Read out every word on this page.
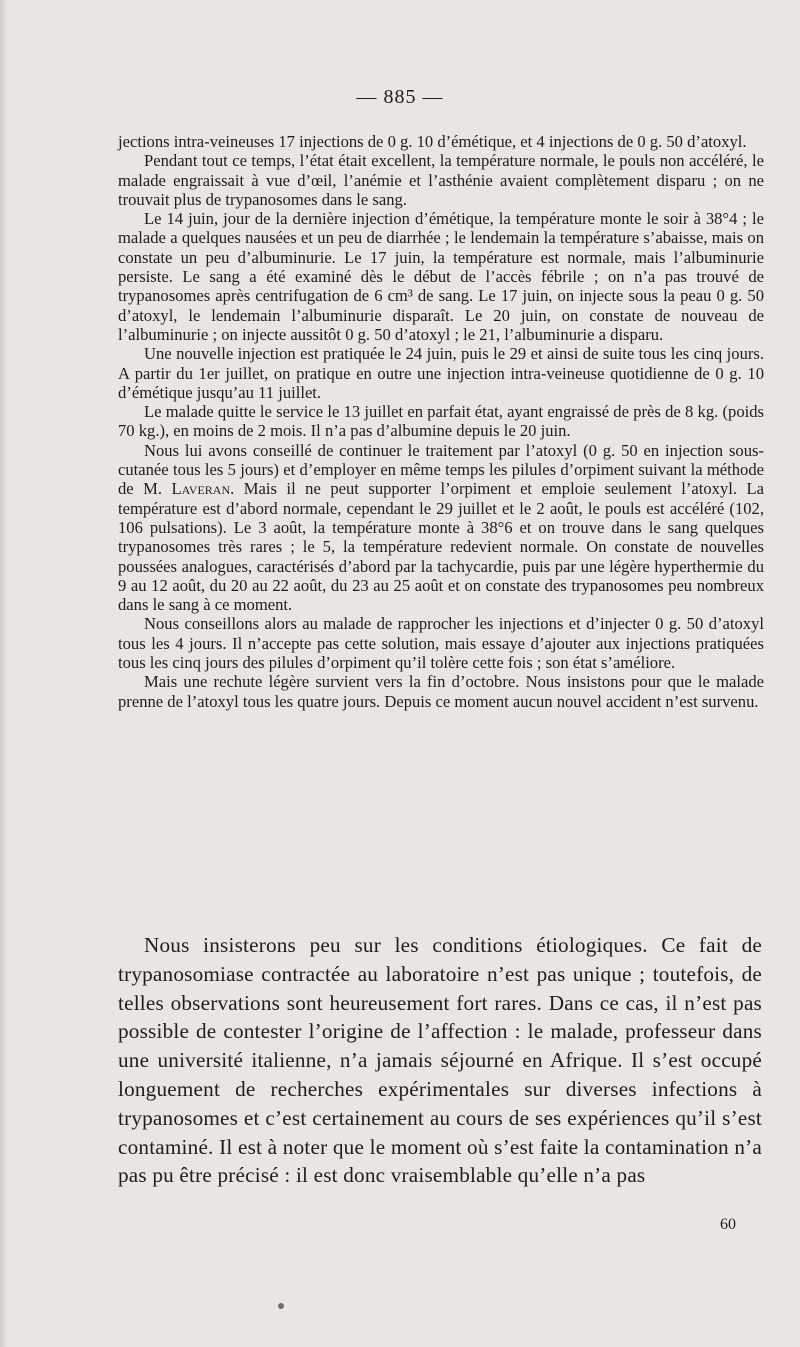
— 885 —

jections intra-veineuses 17 injections de 0 g. 10 d’émétique, et 4 injections de 0 g. 50 d’atoxyl.

Pendant tout ce temps, l’état était excellent, la température normale, le pouls non accéléré, le malade engraissait à vue d’œil, l’anémie et l’asthénie avaient complètement disparu ; on ne trouvait plus de trypanosomes dans le sang.

Le 14 juin, jour de la dernière injection d’émétique, la température monte le soir à 38°4 ; le malade a quelques nausées et un peu de diarrhée ; le lendemain la température s’abaisse, mais on constate un peu d’albuminurie. Le 17 juin, la température est normale, mais l’albuminurie persiste. Le sang a été examiné dès le début de l’accès fébrile ; on n’a pas trouvé de trypanosomes après centrifugation de 6 cm³ de sang. Le 17 juin, on injecte sous la peau 0 g. 50 d’atoxyl, le lendemain l’albuminurie disparaît. Le 20 juin, on constate de nouveau de l’albuminurie ; on injecte aussitôt 0 g. 50 d’atoxyl ; le 21, l’albuminurie a disparu.

Une nouvelle injection est pratiquée le 24 juin, puis le 29 et ainsi de suite tous les cinq jours. A partir du 1er juillet, on pratique en outre une injection intra-veineuse quotidienne de 0 g. 10 d’émétique jusqu’au 11 juillet.

Le malade quitte le service le 13 juillet en parfait état, ayant engraissé de près de 8 kg. (poids 70 kg.), en moins de 2 mois. Il n’a pas d’albumine depuis le 20 juin.

Nous lui avons conseillé de continuer le traitement par l’atoxyl (0 g. 50 en injection sous-cutanée tous les 5 jours) et d’employer en même temps les pilules d’orpiment suivant la méthode de M. Laveran. Mais il ne peut supporter l’orpiment et emploie seulement l’atoxyl. La température est d’abord normale, cependant le 29 juillet et le 2 août, le pouls est accéléré (102, 106 pulsations). Le 3 août, la température monte à 38°6 et on trouve dans le sang quelques trypanosomes très rares ; le 5, la température redevient normale. On constate de nouvelles poussées analogues, caractérisés d’abord par la tachycardie, puis par une légère hyperthermie du 9 au 12 août, du 20 au 22 août, du 23 au 25 août et on constate des trypanosomes peu nombreux dans le sang à ce moment.

Nous conseillons alors au malade de rapprocher les injections et d’injecter 0 g. 50 d’atoxyl tous les 4 jours. Il n’accepte pas cette solution, mais essaye d’ajouter aux injections pratiquées tous les cinq jours des pilules d’orpiment qu’il tolère cette fois ; son état s’améliore.

Mais une rechute légère survient vers la fin d’octobre. Nous insistons pour que le malade prenne de l’atoxyl tous les quatre jours. Depuis ce moment aucun nouvel accident n’est survenu.

Nous insisterons peu sur les conditions étiologiques. Ce fait de trypanosomiase contractée au laboratoire n’est pas unique ; toutefois, de telles observations sont heureusement fort rares. Dans ce cas, il n’est pas possible de contester l’origine de l’affection : le malade, professeur dans une université italienne, n’a jamais séjourné en Afrique. Il s’est occupé longuement de recherches expérimentales sur diverses infections à trypanosomes et c’est certainement au cours de ses expériences qu’il s’est contaminé. Il est à noter que le moment où s’est faite la contamination n’a pas pu être précisé : il est donc vraisemblable qu’elle n’a pas

60
